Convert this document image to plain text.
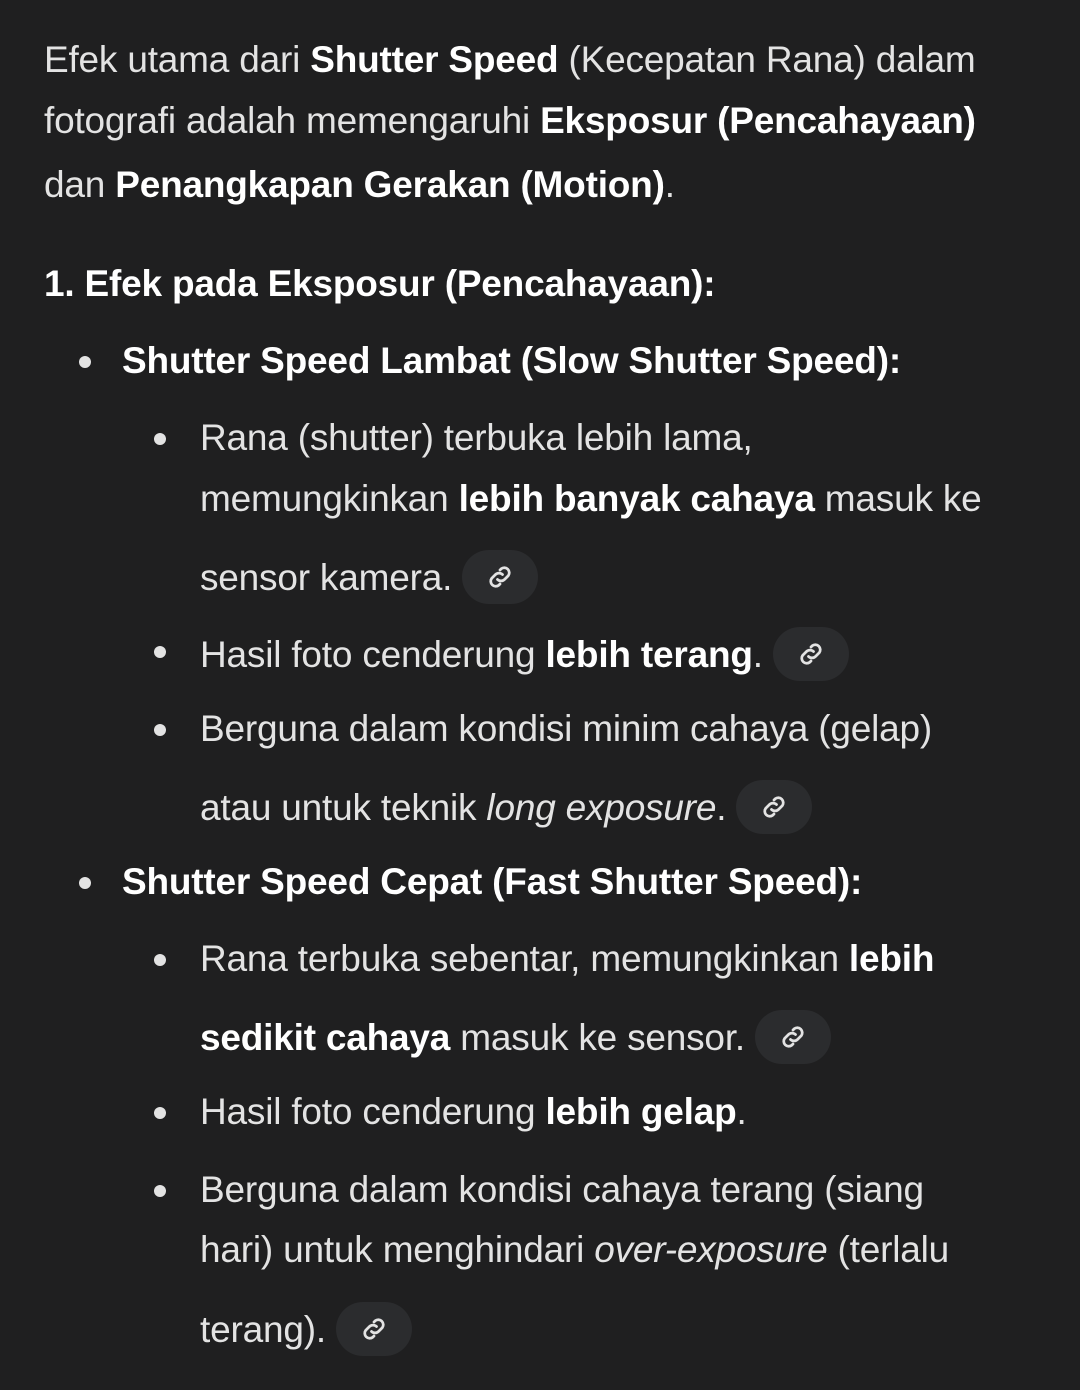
Efek utama dari Shutter Speed (Kecepatan Rana) dalam
fotografi adalah memengaruhi Eksposur (Pencahayaan)
dan Penangkapan Gerakan (Motion).
1. Efek pada Eksposur (Pencahayaan):
Shutter Speed Lambat (Slow Shutter Speed):
Rana (shutter) terbuka lebih lama,
memungkinkan lebih banyak cahaya masuk ke
sensor kamera.
Hasil foto cenderung lebih terang.
Berguna dalam kondisi minim cahaya (gelap)
atau untuk teknik long exposure.
Shutter Speed Cepat (Fast Shutter Speed):
Rana terbuka sebentar, memungkinkan lebih
sedikit cahaya masuk ke sensor.
Hasil foto cenderung lebih gelap.
Berguna dalam kondisi cahaya terang (siang
hari) untuk menghindari over-exposure (terlalu
terang).
